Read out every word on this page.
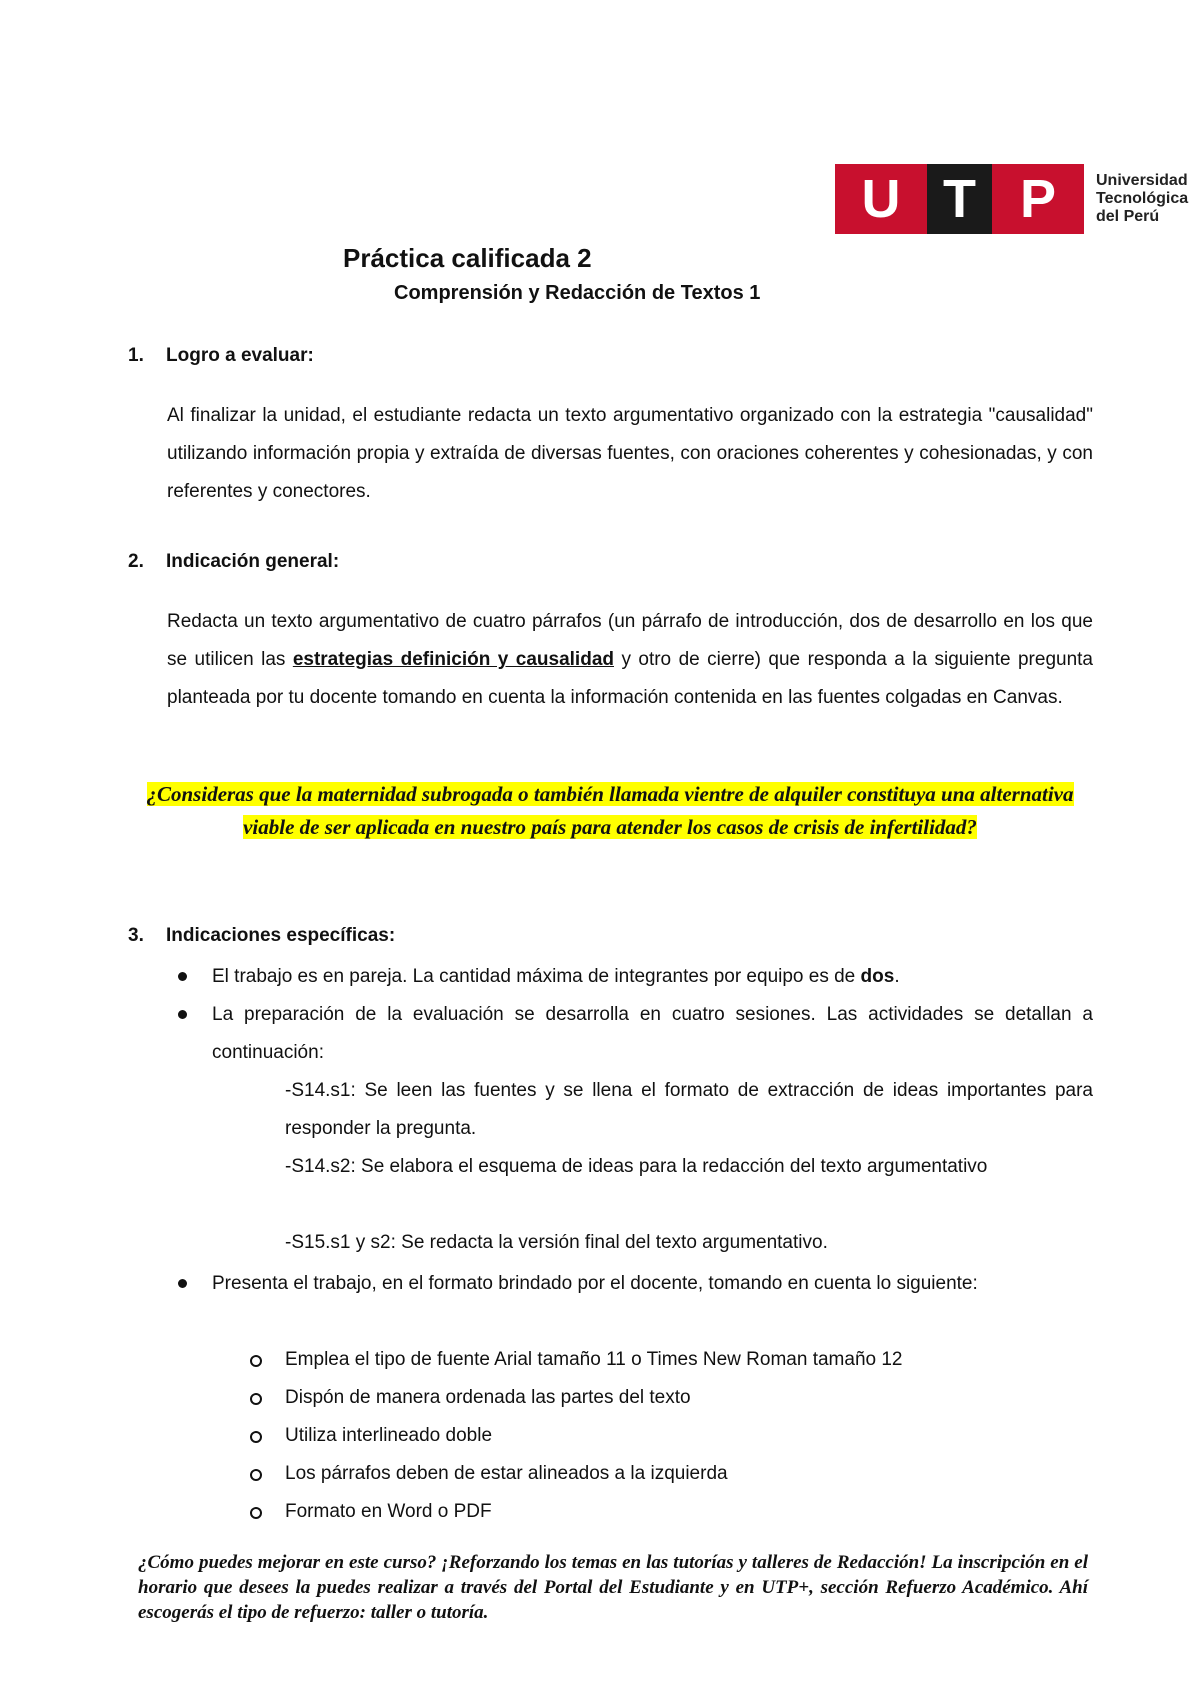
U T P	Universidad
Tecnológica
del Perú
Práctica calificada 2
Comprensión y Redacción de Textos 1
1. Logro a evaluar:
Al finalizar la unidad, el estudiante redacta un texto argumentativo organizado con la estrategia "causalidad" utilizando información propia y extraída de diversas fuentes, con oraciones coherentes y cohesionadas, y con referentes y conectores.
2. Indicación general:
Redacta un texto argumentativo de cuatro párrafos (un párrafo de introducción, dos de desarrollo en los que se utilicen las estrategias definición y causalidad y otro de cierre) que responda a la siguiente pregunta planteada por tu docente tomando en cuenta la información contenida en las fuentes colgadas en Canvas.
¿Consideras que la maternidad subrogada o también llamada vientre de alquiler constituya una alternativa viable de ser aplicada en nuestro país para atender los casos de crisis de infertilidad?
3. Indicaciones específicas:
El trabajo es en pareja. La cantidad máxima de integrantes por equipo es de dos.
La preparación de la evaluación se desarrolla en cuatro sesiones. Las actividades se detallan a continuación:
-S14.s1: Se leen las fuentes y se llena el formato de extracción de ideas importantes para responder la pregunta.
-S14.s2: Se elabora el esquema de ideas para la redacción del texto argumentativo
-S15.s1 y s2: Se redacta la versión final del texto argumentativo.
Presenta el trabajo, en el formato brindado por el docente, tomando en cuenta lo siguiente:
Emplea el tipo de fuente Arial tamaño 11 o Times New Roman tamaño 12
Dispón de manera ordenada las partes del texto
Utiliza interlineado doble
Los párrafos deben de estar alineados a la izquierda
Formato en Word o PDF
¿Cómo puedes mejorar en este curso? ¡Reforzando los temas en las tutorías y talleres de Redacción! La inscripción en el horario que desees la puedes realizar a través del Portal del Estudiante y en UTP+, sección Refuerzo Académico. Ahí escogerás el tipo de refuerzo: taller o tutoría.
